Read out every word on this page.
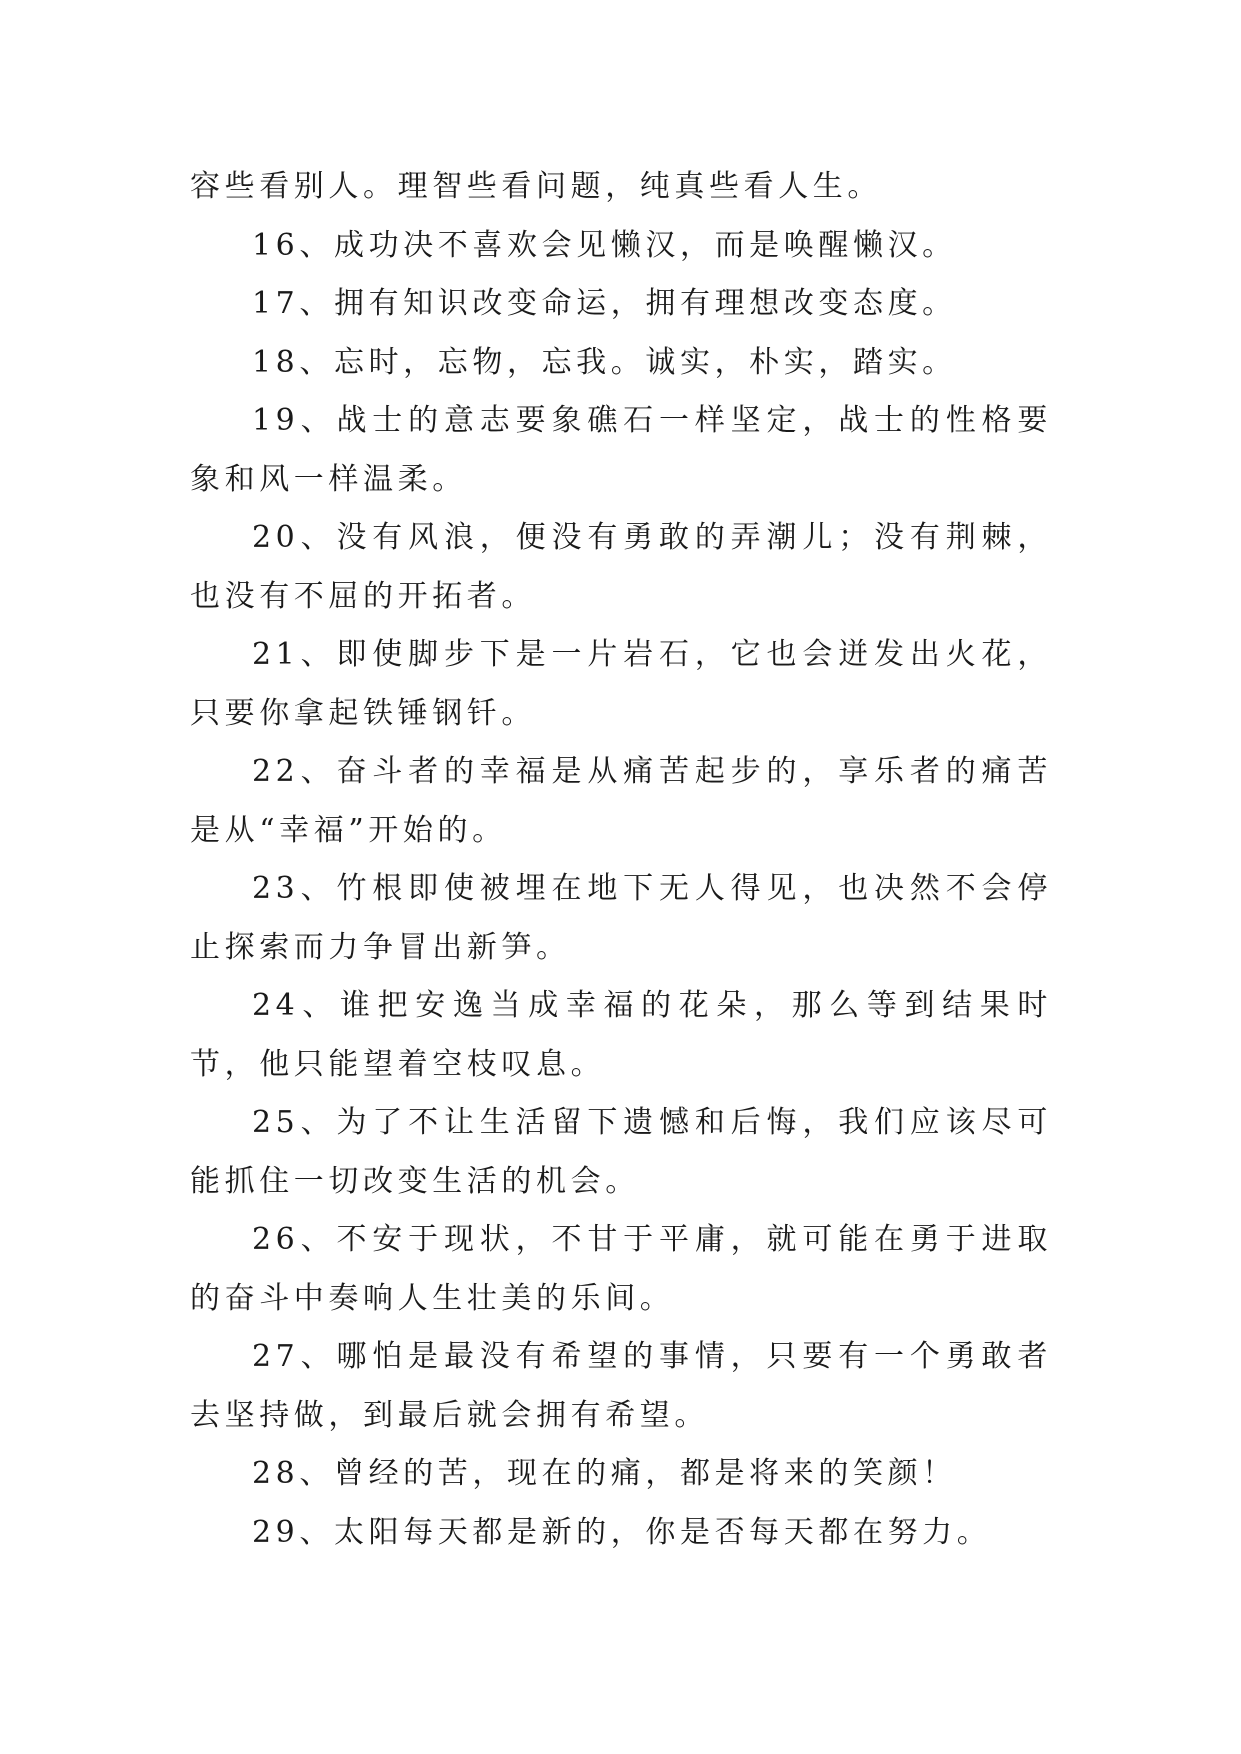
容些看别人。理智些看问题，纯真些看人生。

16、成功决不喜欢会见懒汉，而是唤醒懒汉。

17、拥有知识改变命运，拥有理想改变态度。

18、忘时，忘物，忘我。诚实，朴实，踏实。

19、战士的意志要象礁石一样坚定，战士的性格要象和风一样温柔。

20、没有风浪，便没有勇敢的弄潮儿；没有荆棘，也没有不屈的开拓者。

21、即使脚步下是一片岩石，它也会迸发出火花，只要你拿起铁锤钢钎。

22、奋斗者的幸福是从痛苦起步的，享乐者的痛苦是从“幸福”开始的。

23、竹根即使被埋在地下无人得见，也决然不会停止探索而力争冒出新笋。

24、谁把安逸当成幸福的花朵，那么等到结果时节，他只能望着空枝叹息。

25、为了不让生活留下遗憾和后悔，我们应该尽可能抓住一切改变生活的机会。

26、不安于现状，不甘于平庸，就可能在勇于进取的奋斗中奏响人生壮美的乐间。

27、哪怕是最没有希望的事情，只要有一个勇敢者去坚持做，到最后就会拥有希望。

28、曾经的苦，现在的痛，都是将来的笑颜！

29、太阳每天都是新的，你是否每天都在努力。
